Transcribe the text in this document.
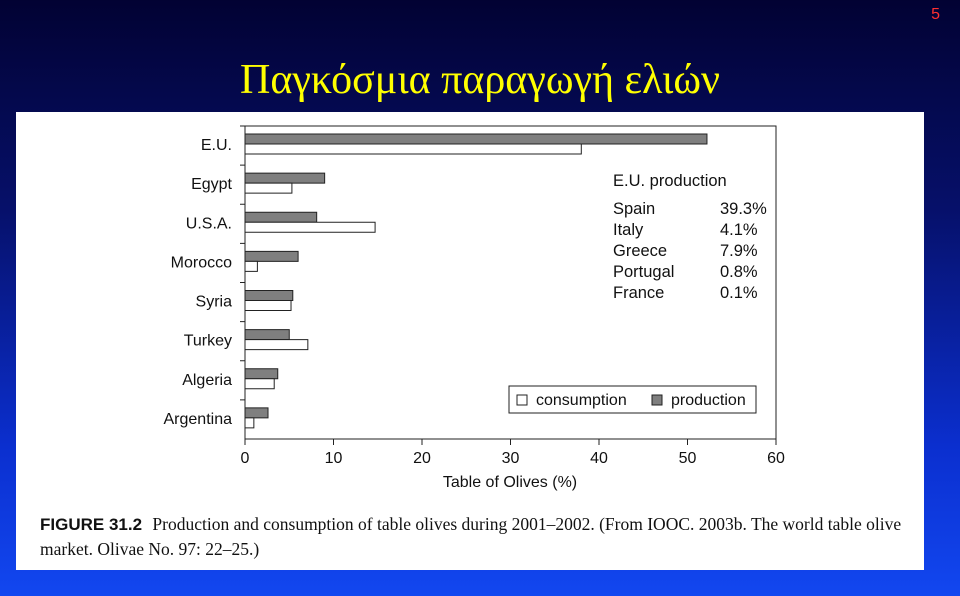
5
Παγκόσμια παραγωγή ελιών
E.U.
Egypt
U.S.A.
Morocco
Syria
Turkey
Algeria
Argentina
0	10	20	30	40	50	60
Table of Olives (%)
E.U. production
Spain	39.3%
Italy	4.1%
Greece	7.9%
Portugal	0.8%
France	0.1%
consumption	production
FIGURE 31.2 Production and consumption of table olives during 2001–2002. (From IOOC. 2003b. The world table olive market. Olivae No. 97: 22–25.)
